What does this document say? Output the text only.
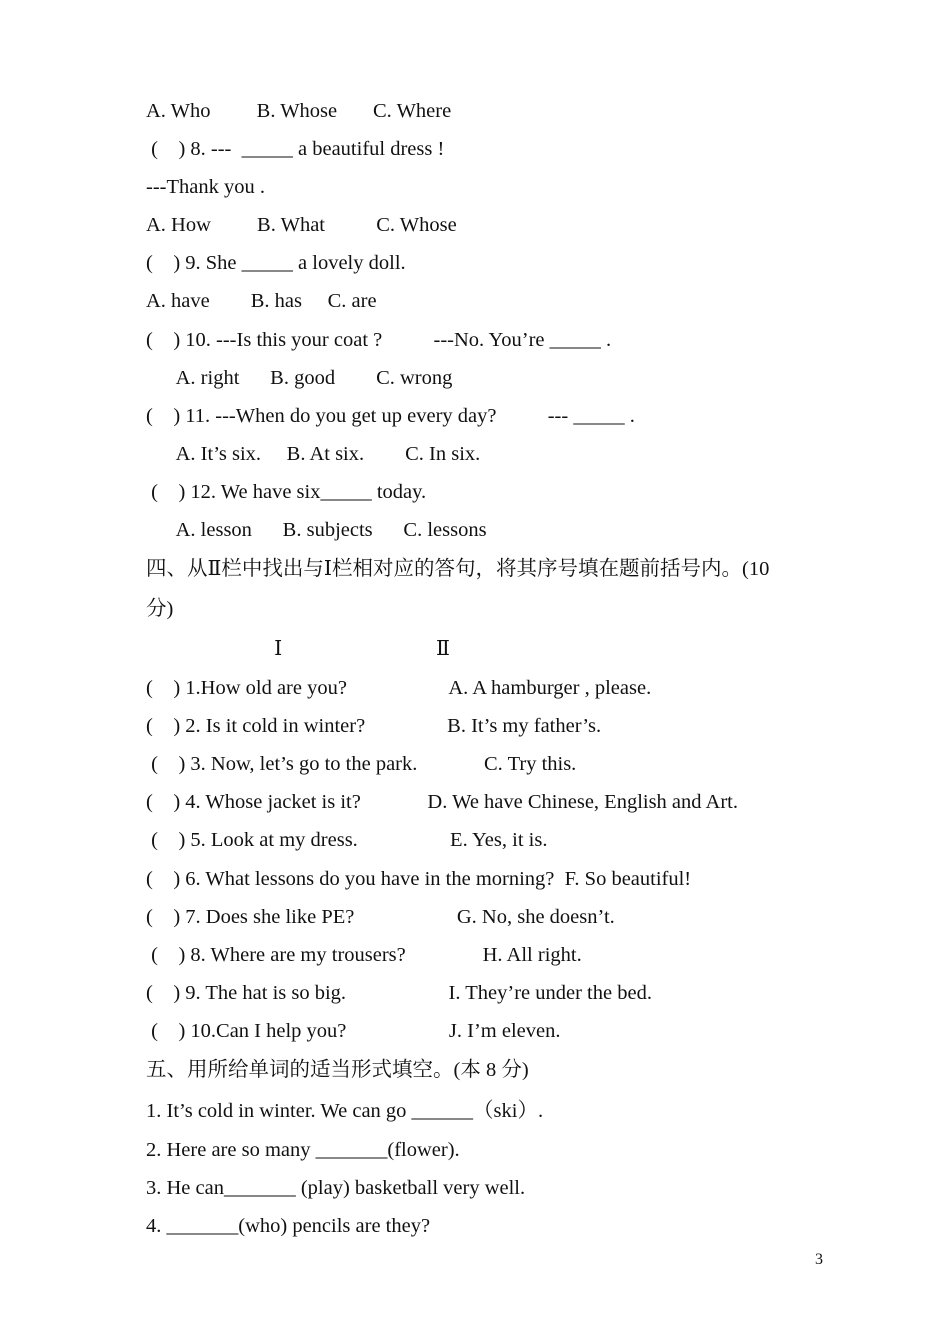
A. Who         B. Whose       C. Where

(    ) 8. ---  _____ a beautiful dress !

---Thank you .

A. How         B. What          C. Whose

(    ) 9. She _____ a lovely doll.

A. have        B. has     C. are

(    ) 10. ---Is this your coat ?          ---No. You’re _____ .

A. right      B. good        C. wrong

(    ) 11. ---When do you get up every day?          --- _____ .

A. It’s six.     B. At six.        C. In six.

(    ) 12. We have six_____ today.

A. lesson      B. subjects      C. lessons

四、从Ⅱ栏中找出与Ⅰ栏相对应的答句，将其序号填在题前括号内。(10

分)

Ⅰ                              Ⅱ

(    ) 1.How old are you?                    A. A hamburger , please.

(    ) 2. Is it cold in winter?                B. It’s my father’s.

(    ) 3. Now, let’s go to the park.             C. Try this.

(    ) 4. Whose jacket is it?             D. We have Chinese, English and Art.

(    ) 5. Look at my dress.                  E. Yes, it is.

(    ) 6. What lessons do you have in the morning?  F. So beautiful!

(    ) 7. Does she like PE?                    G. No, she doesn’t.

(    ) 8. Where are my trousers?               H. All right.

(    ) 9. The hat is so big.                    I. They’re under the bed.

(    ) 10.Can I help you?                    J. I’m eleven.

五、用所给单词的适当形式填空。(本 8 分)

1. It’s cold in winter. We can go ______（ski）.

2. Here are so many _______(flower).

3. He can_______ (play) basketball very well.

4. _______(who) pencils are they?

3
